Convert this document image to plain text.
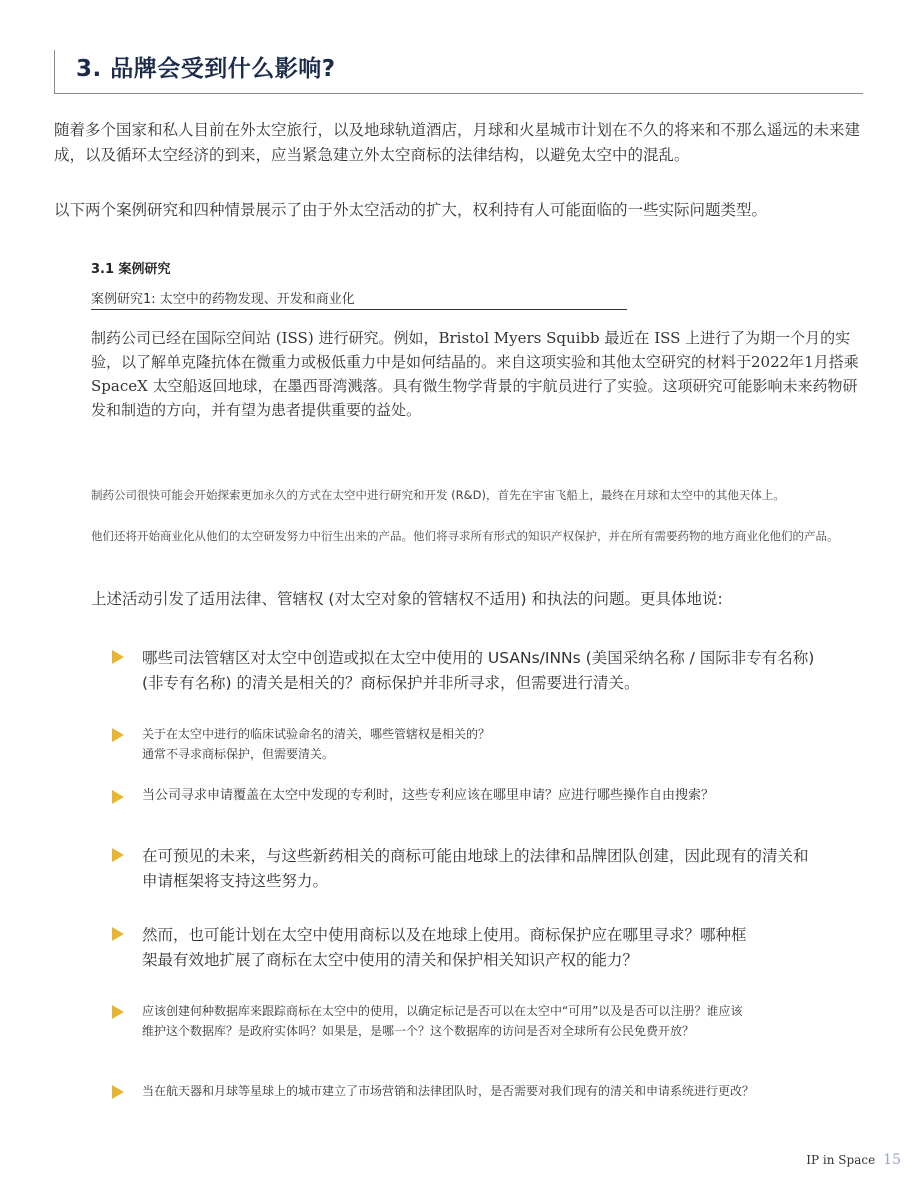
3. 品牌会受到什么影响?

随着多个国家和私人目前在外太空旅行，以及地球轨道酒店，月球和火星城市计划在不久的将来和不那么遥远的未来建成，以及循环太空经济的到来，应当紧急建立外太空商标的法律结构，以避免太空中的混乱。

以下两个案例研究和四种情景展示了由于外太空活动的扩大，权利持有人可能面临的一些实际问题类型。

3.1 案例研究
案例研究1: 太空中的药物发现、开发和商业化

制药公司已经在国际空间站 (ISS) 进行研究。例如，Bristol Myers Squibb 最近在 ISS 上进行了为期一个月的实验，以了解单克隆抗体在微重力或极低重力中是如何结晶的。来自这项实验和其他太空研究的材料于2022年1月搭乘 SpaceX 太空船返回地球，在墨西哥湾溅落。具有微生物学背景的宇航员进行了实验。这项研究可能影响未来药物研发和制造的方向，并有望为患者提供重要的益处。

制药公司很快可能会开始探索更加永久的方式在太空中进行研究和开发 (R&D)，首先在宇宙飞船上，最终在月球和太空中的其他天体上。

他们还将开始商业化从他们的太空研发努力中衍生出来的产品。他们将寻求所有形式的知识产权保护，并在所有需要药物的地方商业化他们的产品。

上述活动引发了适用法律、管辖权 (对太空对象的管辖权不适用) 和执法的问题。更具体地说:

哪些司法管辖区对太空中创造或拟在太空中使用的 USANs/INNs (美国采纳名称 / 国际非专有名称)
(非专有名称) 的清关是相关的？商标保护并非所寻求，但需要进行清关。
关于在太空中进行的临床试验命名的清关，哪些管辖权是相关的？
通常不寻求商标保护，但需要清关。
当公司寻求申请覆盖在太空中发现的专利时，这些专利应该在哪里申请？应进行哪些操作自由搜索？
在可预见的未来，与这些新药相关的商标可能由地球上的法律和品牌团队创建，因此现有的清关和
申请框架将支持这些努力。
然而，也可能计划在太空中使用商标以及在地球上使用。商标保护应在哪里寻求？哪种框
架最有效地扩展了商标在太空中使用的清关和保护相关知识产权的能力？
应该创建何种数据库来跟踪商标在太空中的使用，以确定标记是否可以在太空中“可用”以及是否可以注册？谁应该
维护这个数据库？是政府实体吗？如果是，是哪一个？这个数据库的访问是否对全球所有公民免费开放？
当在航天器和月球等星球上的城市建立了市场营销和法律团队时，是否需要对我们现有的清关和申请系统进行更改？
IP in Space 15
